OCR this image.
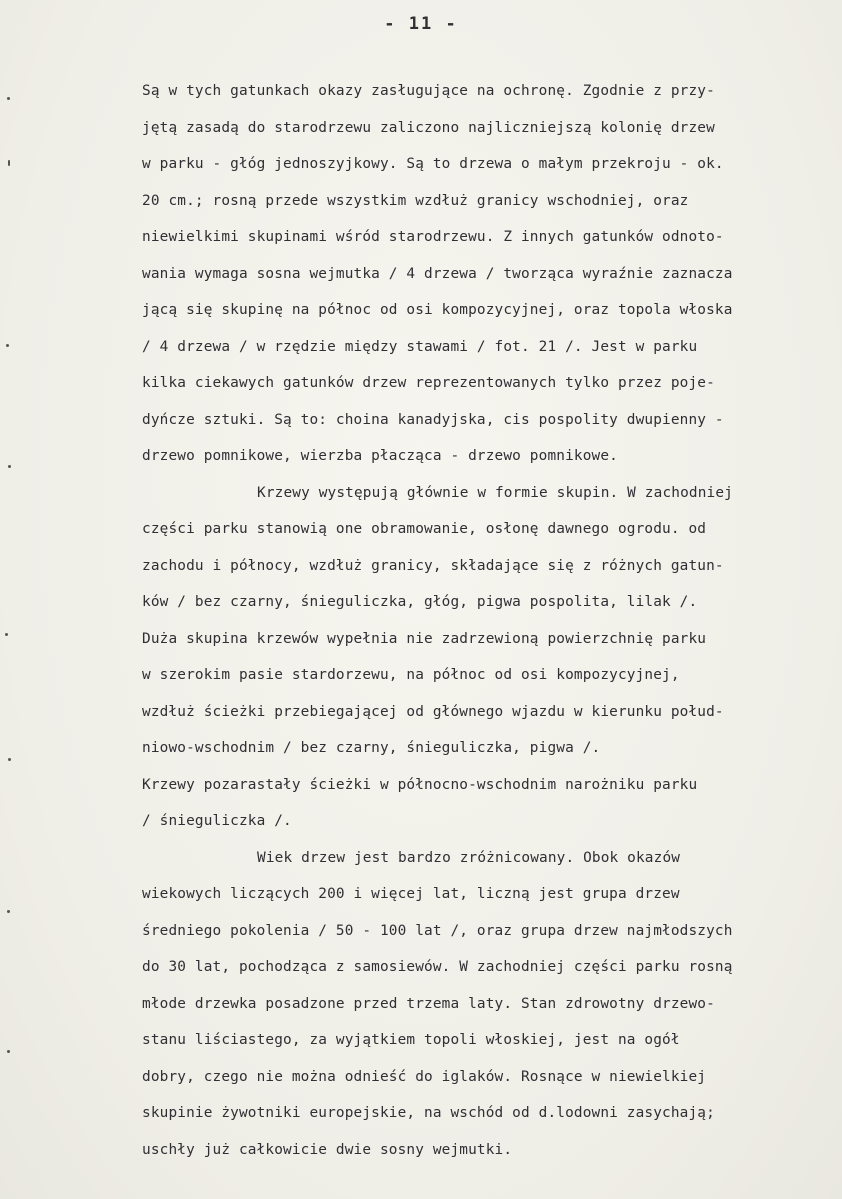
- 11 -
Są w tych gatunkach okazy zasługujące na ochronę. Zgodnie z przy-
jętą zasadą do starodrzewu zaliczono najliczniejszą kolonię drzew
w parku - głóg jednoszyjkowy. Są to drzewa o małym przekroju - ok.
20 cm.; rosną przede wszystkim wzdłuż granicy wschodniej, oraz
niewielkimi skupinami wśród starodrzewu. Z innych gatunków odnoto-
wania wymaga sosna wejmutka / 4 drzewa / tworząca wyraźnie zaznacza
jącą się skupinę na północ od osi kompozycyjnej, oraz topola włoska
/ 4 drzewa / w rzędzie między stawami / fot. 21 /. Jest w parku
kilka ciekawych gatunków drzew reprezentowanych tylko przez poje-
dyńcze sztuki. Są to: choina kanadyjska, cis pospolity dwupienny -
drzewo pomnikowe, wierzba płacząca - drzewo pomnikowe.
Krzewy występują głównie w formie skupin. W zachodniej
części parku stanowią one obramowanie, osłonę dawnego ogrodu. od
zachodu i północy, wzdłuż granicy, składające się z różnych gatun-
ków / bez czarny, śnieguliczka, głóg, pigwa pospolita, lilak /.
Duża skupina krzewów wypełnia nie zadrzewioną powierzchnię parku
w szerokim pasie stardorzewu, na północ od osi kompozycyjnej,
wzdłuż ścieżki przebiegającej od głównego wjazdu w kierunku połud-
niowo-wschodnim / bez czarny, śnieguliczka, pigwa /.
Krzewy pozarastały ścieżki w północno-wschodnim narożniku parku
/ śnieguliczka /.
Wiek drzew jest bardzo zróżnicowany. Obok okazów
wiekowych liczących 200 i więcej lat, liczną jest grupa drzew
średniego pokolenia / 50 - 100 lat /, oraz grupa drzew najmłodszych
do 30 lat, pochodząca z samosiewów. W zachodniej części parku rosną
młode drzewka posadzone przed trzema laty. Stan zdrowotny drzewo-
stanu liściastego, za wyjątkiem topoli włoskiej, jest na ogół
dobry, czego nie można odnieść do iglaków. Rosnące w niewielkiej
skupinie żywotniki europejskie, na wschód od d.lodowni zasychają;
uschły już całkowicie dwie sosny wejmutki.
